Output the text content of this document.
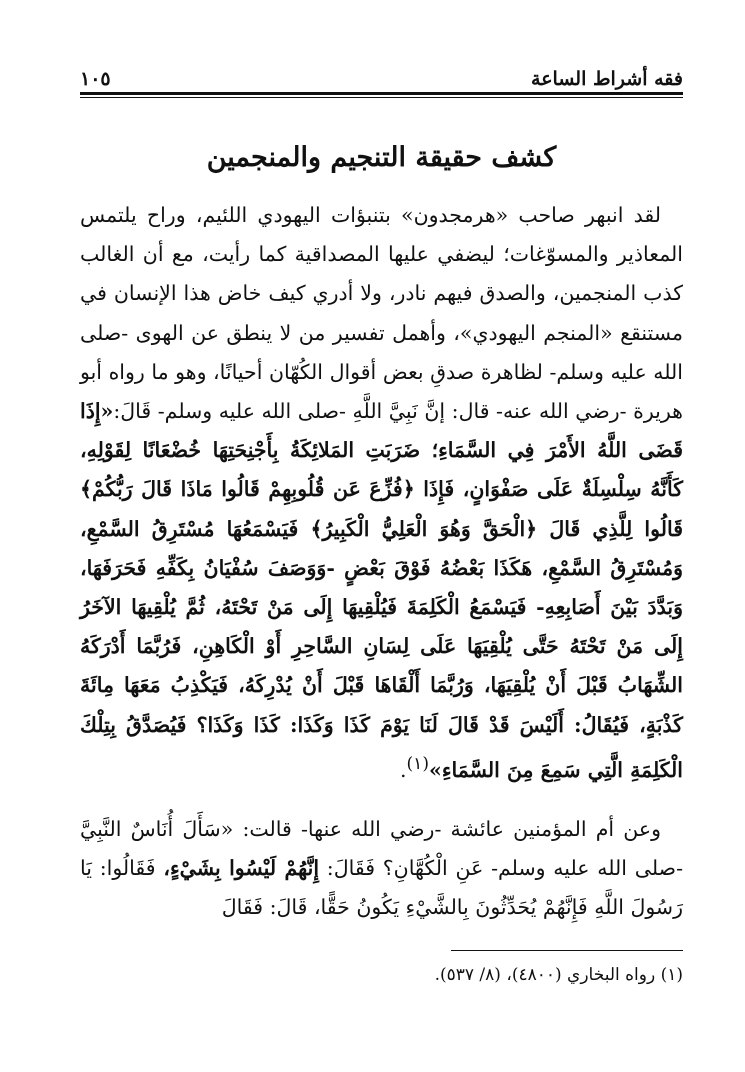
فقه أشراط الساعة
١٠٥
كشف حقيقة التنجيم والمنجمين

لقد انبهر صاحب «هرمجدون» بتنبؤات اليهودي اللئيم، وراح يلتمس المعاذير والمسوّغات؛ ليضفي عليها المصداقية كما رأيت، مع أن الغالب كذب المنجمين، والصدق فيهم نادر، ولا أدري كيف خاض هذا الإنسان في مستنقع «المنجم اليهودي»، وأهمل تفسير من لا ينطق عن الهوى -صلى الله عليه وسلم- لظاهرة صدقِ بعض أقوال الكُهّان أحيانًا، وهو ما رواه أبو هريرة -رضي الله عنه- قال: إنَّ نَبِيَّ اللَّهِ -صلى الله عليه وسلم- قَالَ:«إِذَا قَضَى اللَّهُ الأَمْرَ فِي السَّمَاءِ؛ ضَرَبَتِ المَلائِكَةُ بِأَجْنِحَتِهَا خُضْعَانًا لِقَوْلِهِ، كَأَنَّهُ سِلْسِلَةٌ عَلَى صَفْوَانٍ، فَإِذَا ﴿فُزِّعَ عَن قُلُوبِهِمْ قَالُوا مَاذَا قَالَ رَبُّكُمْ﴾ قَالُوا لِلَّذِي قَالَ ﴿الْحَقَّ وَهُوَ الْعَلِيُّ الْكَبِيرُ﴾ فَيَسْمَعُهَا مُسْتَرِقُ السَّمْعِ، وَمُسْتَرِقُ السَّمْعِ، هَكَذَا بَعْضُهُ فَوْقَ بَعْضٍ -وَوَصَفَ سُفْيَانُ بِكَفِّهِ فَحَرَفَهَا، وَبَدَّدَ بَيْنَ أَصَابِعِهِ- فَيَسْمَعُ الْكَلِمَةَ فَيُلْقِيهَا إِلَى مَنْ تَحْتَهُ، ثُمَّ يُلْقِيهَا الآخَرُ إِلَى مَنْ تَحْتَهُ حَتَّى يُلْقِيَهَا عَلَى لِسَانِ السَّاحِرِ أَوْ الْكَاهِنِ، فَرُبَّمَا أَدْرَكَهُ الشِّهَابُ قَبْلَ أَنْ يُلْقِيَهَا، وَرُبَّمَا أَلْقَاهَا قَبْلَ أَنْ يُدْرِكَهُ، فَيَكْذِبُ مَعَهَا مِائَةَ كَذْبَةٍ، فَيُقَالُ: أَلَيْسَ قَدْ قَالَ لَنَا يَوْمَ كَذَا وَكَذَا: كَذَا وَكَذَا؟ فَيُصَدَّقُ بِتِلْكَ الْكَلِمَةِ الَّتِي سَمِعَ مِنَ السَّمَاءِ»$^{(١)}$.

وعن أم المؤمنين عائشة -رضي الله عنها- قالت: «سَأَلَ أُنَاسٌ النَّبِيَّ -صلى الله عليه وسلم- عَنِ الْكُهَّانِ؟ فَقَالَ: إِنَّهُمْ لَيْسُوا بِشَيْءٍ، فَقَالُوا: يَا رَسُولَ اللَّهِ فَإِنَّهُمْ يُحَدِّثُونَ بِالشَّيْءِ يَكُونُ حَقًّا، قَالَ: فَقَالَ

(١) رواه البخاري (٤٨٠٠)، (٨/ ٥٣٧).
